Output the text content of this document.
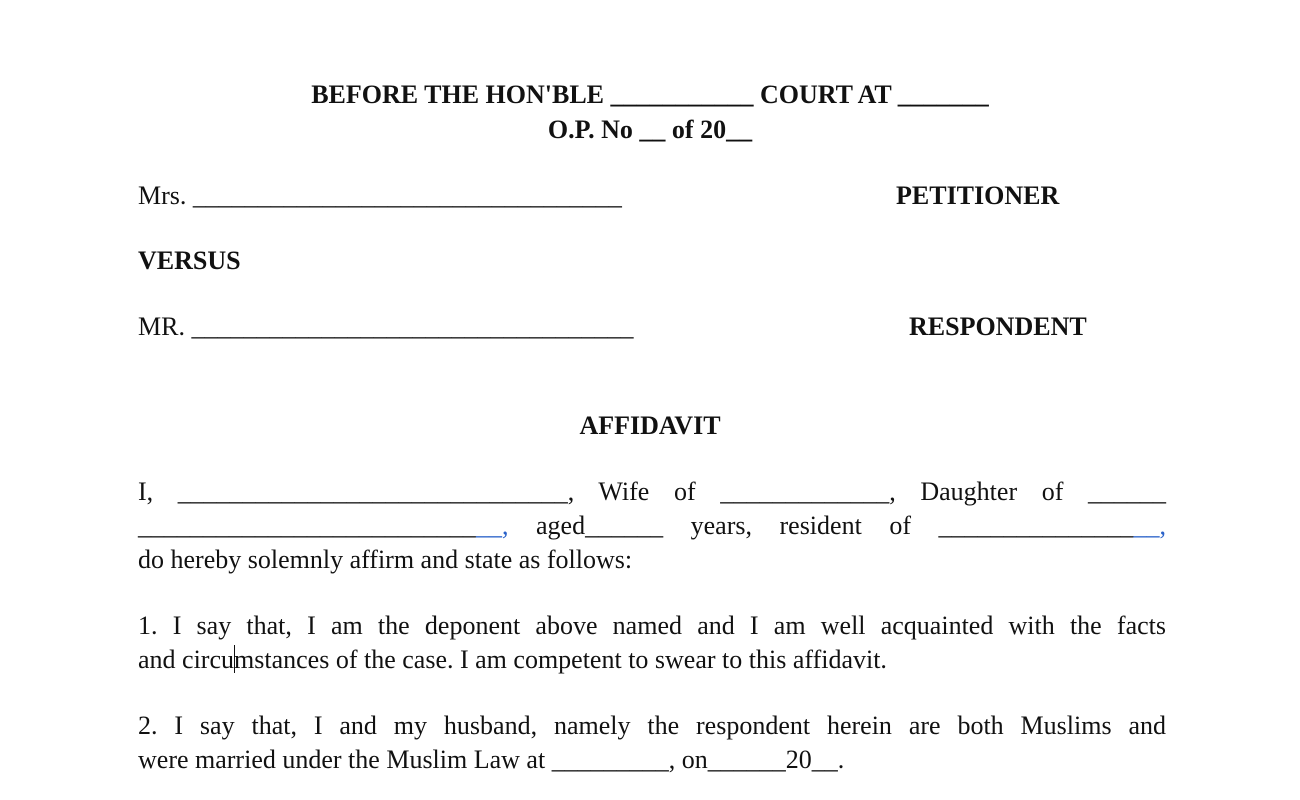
BEFORE THE HON'BLE ___________ COURT AT _______
O.P. No __ of 20__
Mrs. _________________________________	PETITIONER
VERSUS
MR. __________________________________	RESPONDENT
AFFIDAVIT
I, ______________________________, Wife of _____________, Daughter of ______
____________________________, aged______ years, resident of _________________,
do hereby solemnly affirm and state as follows:
1. I say that, I am the deponent above named and I am well acquainted with the facts
and circumstances of the case. I am competent to swear to this affidavit.
2. I say that, I and my husband, namely the respondent herein are both Muslims and
were married under the Muslim Law at _________, on______20__.
